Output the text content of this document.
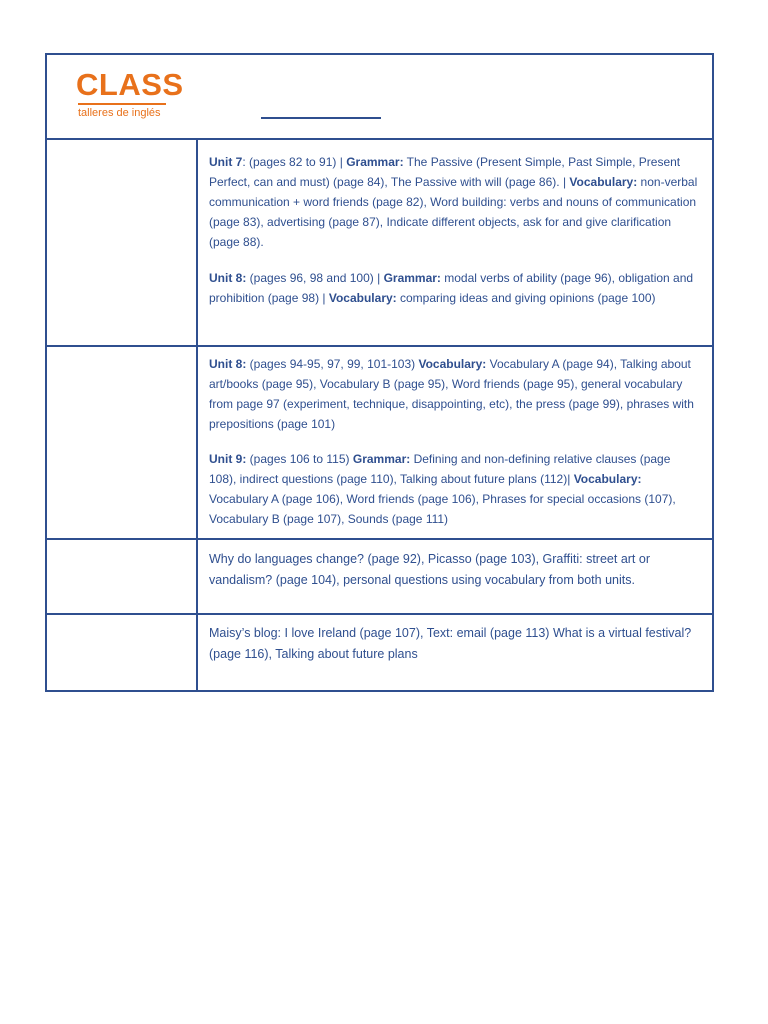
CLASS
talleres de inglés

Unit 7: (pages 82 to 91) | Grammar: The Passive (Present Simple, Past Simple, Present Perfect, can and must) (page 84), The Passive with will (page 86). | Vocabulary: non-verbal communication + word friends (page 82), Word building: verbs and nouns of communication (page 83), advertising (page 87), Indicate different objects, ask for and give clarification (page 88).

Unit 8: (pages 96, 98 and 100) | Grammar: modal verbs of ability (page 96), obligation and prohibition (page 98) | Vocabulary: comparing ideas and giving opinions (page 100)

Unit 8: (pages 94-95, 97, 99, 101-103) Vocabulary: Vocabulary A (page 94), Talking about art/books (page 95), Vocabulary B (page 95), Word friends (page 95), general vocabulary from page 97 (experiment, technique, disappointing, etc), the press (page 99), phrases with prepositions (page 101)

Unit 9: (pages 106 to 115) Grammar: Defining and non-defining relative clauses (page 108), indirect questions (page 110), Talking about future plans (112)| Vocabulary: Vocabulary A (page 106), Word friends (page 106), Phrases for special occasions (107), Vocabulary B (page 107), Sounds (page 111)

Why do languages change? (page 92), Picasso (page 103), Graffiti: street art or vandalism? (page 104), personal questions using vocabulary from both units.

Maisy’s blog: I love Ireland (page 107), Text: email (page 113) What is a virtual festival? (page 116), Talking about future plans
